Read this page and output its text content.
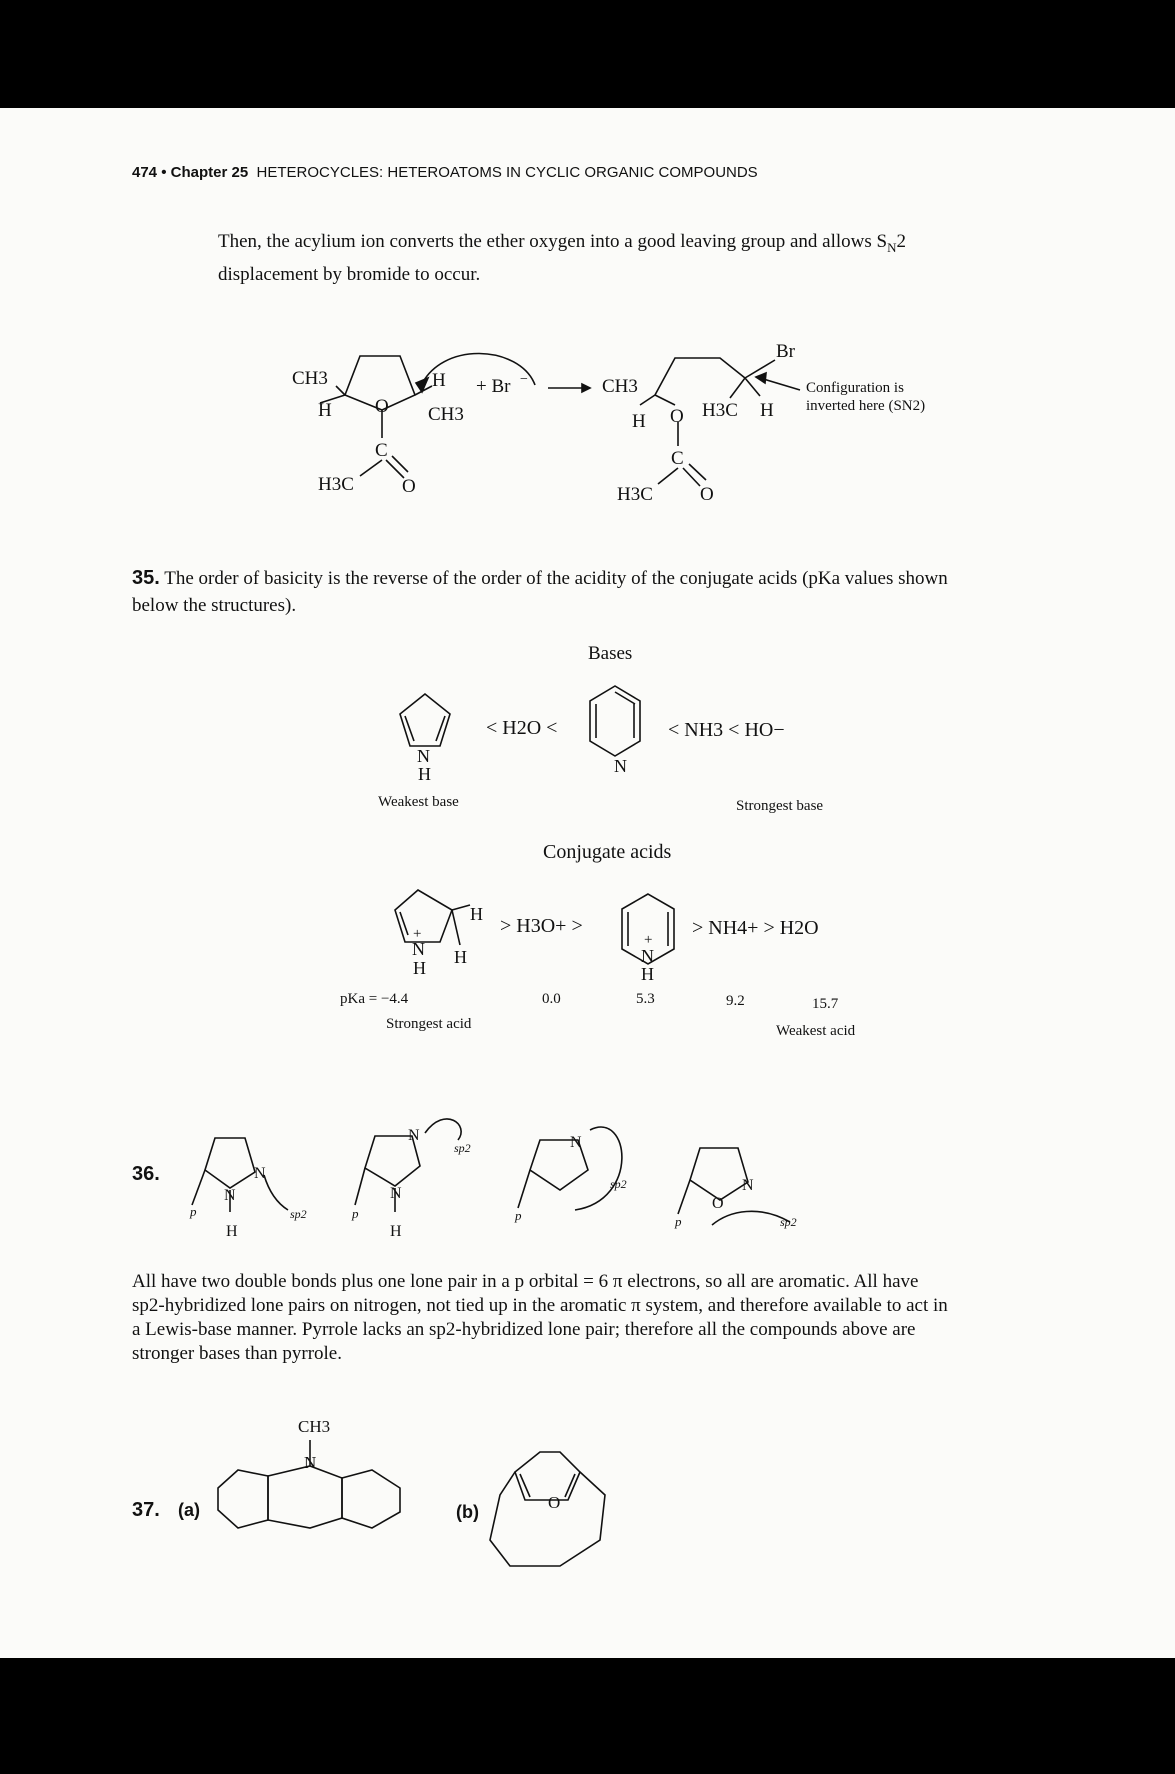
474 • Chapter 25 HETEROCYCLES: HETEROATOMS IN CYCLIC ORGANIC COMPOUNDS
Then, the acylium ion converts the ether oxygen into a good leaving group and allows $S_N2$
displacement by bromide to occur.
CH3
H O
H
CH3
C
H3C	O
+ Br −
Br
CH3
H O H3C H
C
H3C O
Configuration is
inverted here (SN2)
35. The order of basicity is the reverse of the order of the acidity of the conjugate acids (pKa values shown
below the structures).
Bases
N
H
< H2O <
N
< NH3 < HO−
Weakest base	Strongest base
Conjugate acids
+
N
H
H
H
> H3O+ >
+
N
H
> NH4+ > H2O
pKa = −4.4	0.0	5.3	9.2	15.7
Strongest acid	Weakest acid
36.
N
N
H
p	sp2
N
N
H
p
sp2	N
p
sp2	N
O
p	sp2
All have two double bonds plus one lone pair in a p orbital = 6 π electrons, so all are aromatic. All have
sp2-hybridized lone pairs on nitrogen, not tied up in the aromatic π system, and therefore available to act in
a Lewis-base manner. Pyrrole lacks an sp2-hybridized lone pair; therefore all the compounds above are
stronger bases than pyrrole.
37. (a)
CH3
N
(b)	O
